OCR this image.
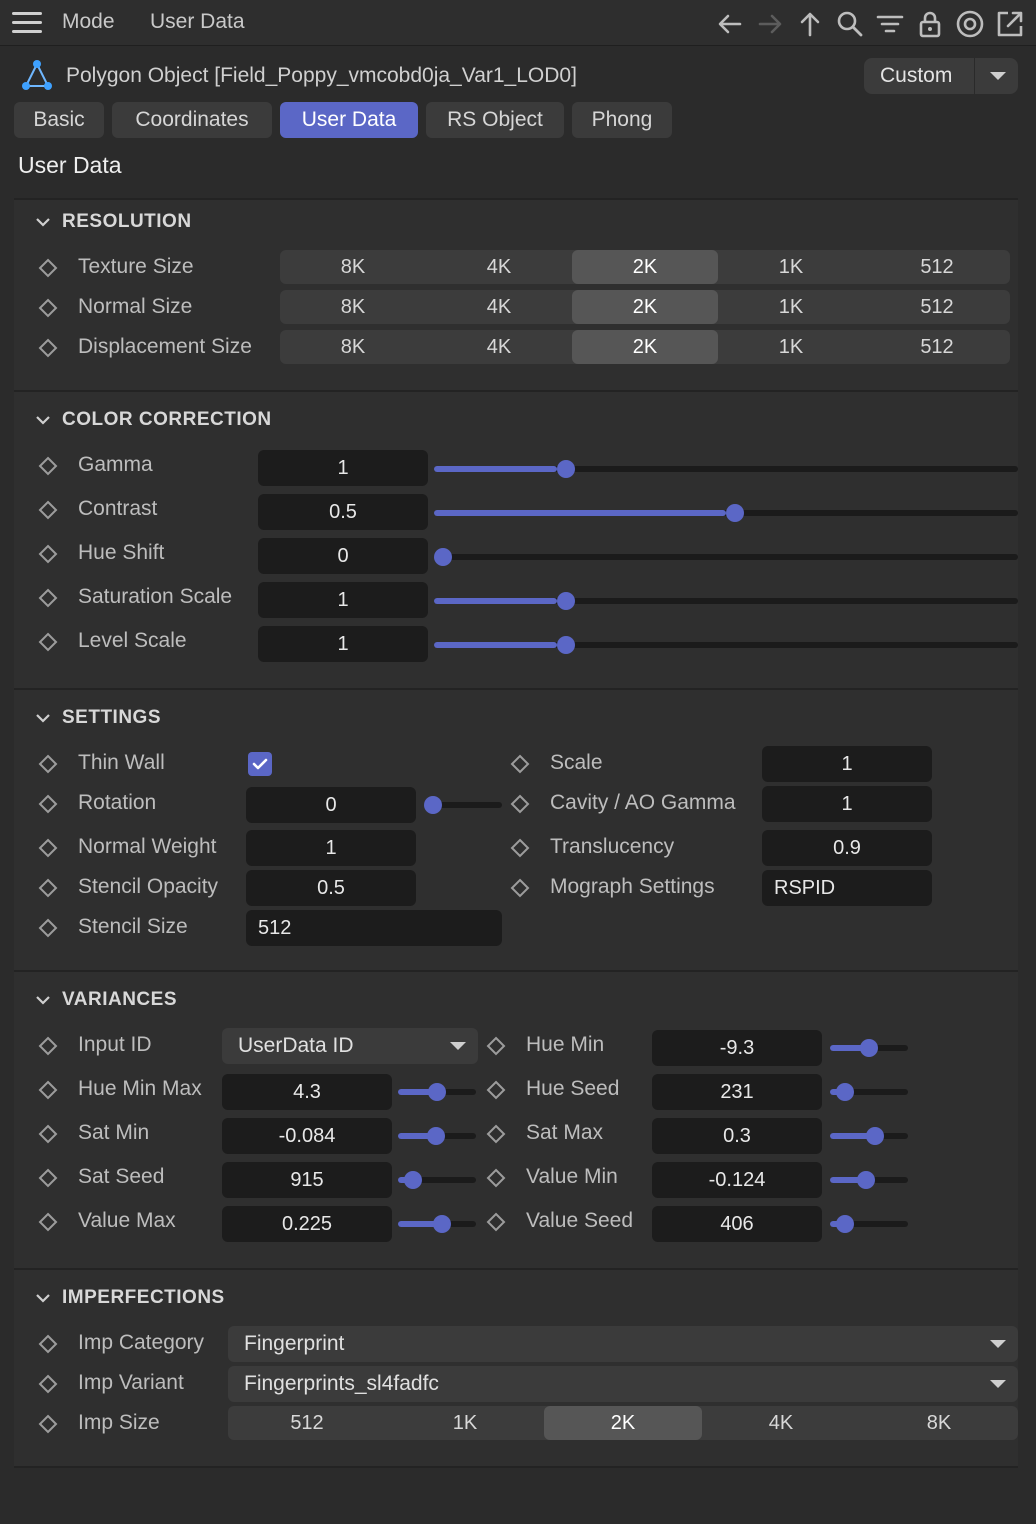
Mode User Data
Polygon Object [Field_Poppy_vmcobd0ja_Var1_LOD0]	Custom
Basic	Coordinates	User Data	RS Object	Phong
User Data
RESOLUTION
Texture Size	8K	4K	2K	1K	512
Normal Size	8K	4K	2K	1K	512
Displacement Size	8K	4K	2K	1K	512
COLOR CORRECTION
Gamma	1
Contrast	0.5
Hue Shift	0
Saturation Scale	1
Level Scale	1
SETTINGS
Thin Wall
Rotation	0
Normal Weight	1
Stencil Opacity	0.5
Stencil Size	512
Scale	1
Cavity / AO Gamma	1
Translucency	0.9
Mograph Settings	RSPID
VARIANCES
Input ID	UserData ID
Hue Min Max	4.3
Sat Min	-0.084
Sat Seed	915
Value Max	0.225
Hue Min	-9.3
Hue Seed	231
Sat Max	0.3
Value Min	-0.124
Value Seed	406
IMPERFECTIONS
Imp Category	Fingerprint
Imp Variant	Fingerprints_sl4fadfc
Imp Size	512	1K	2K	4K	8K
